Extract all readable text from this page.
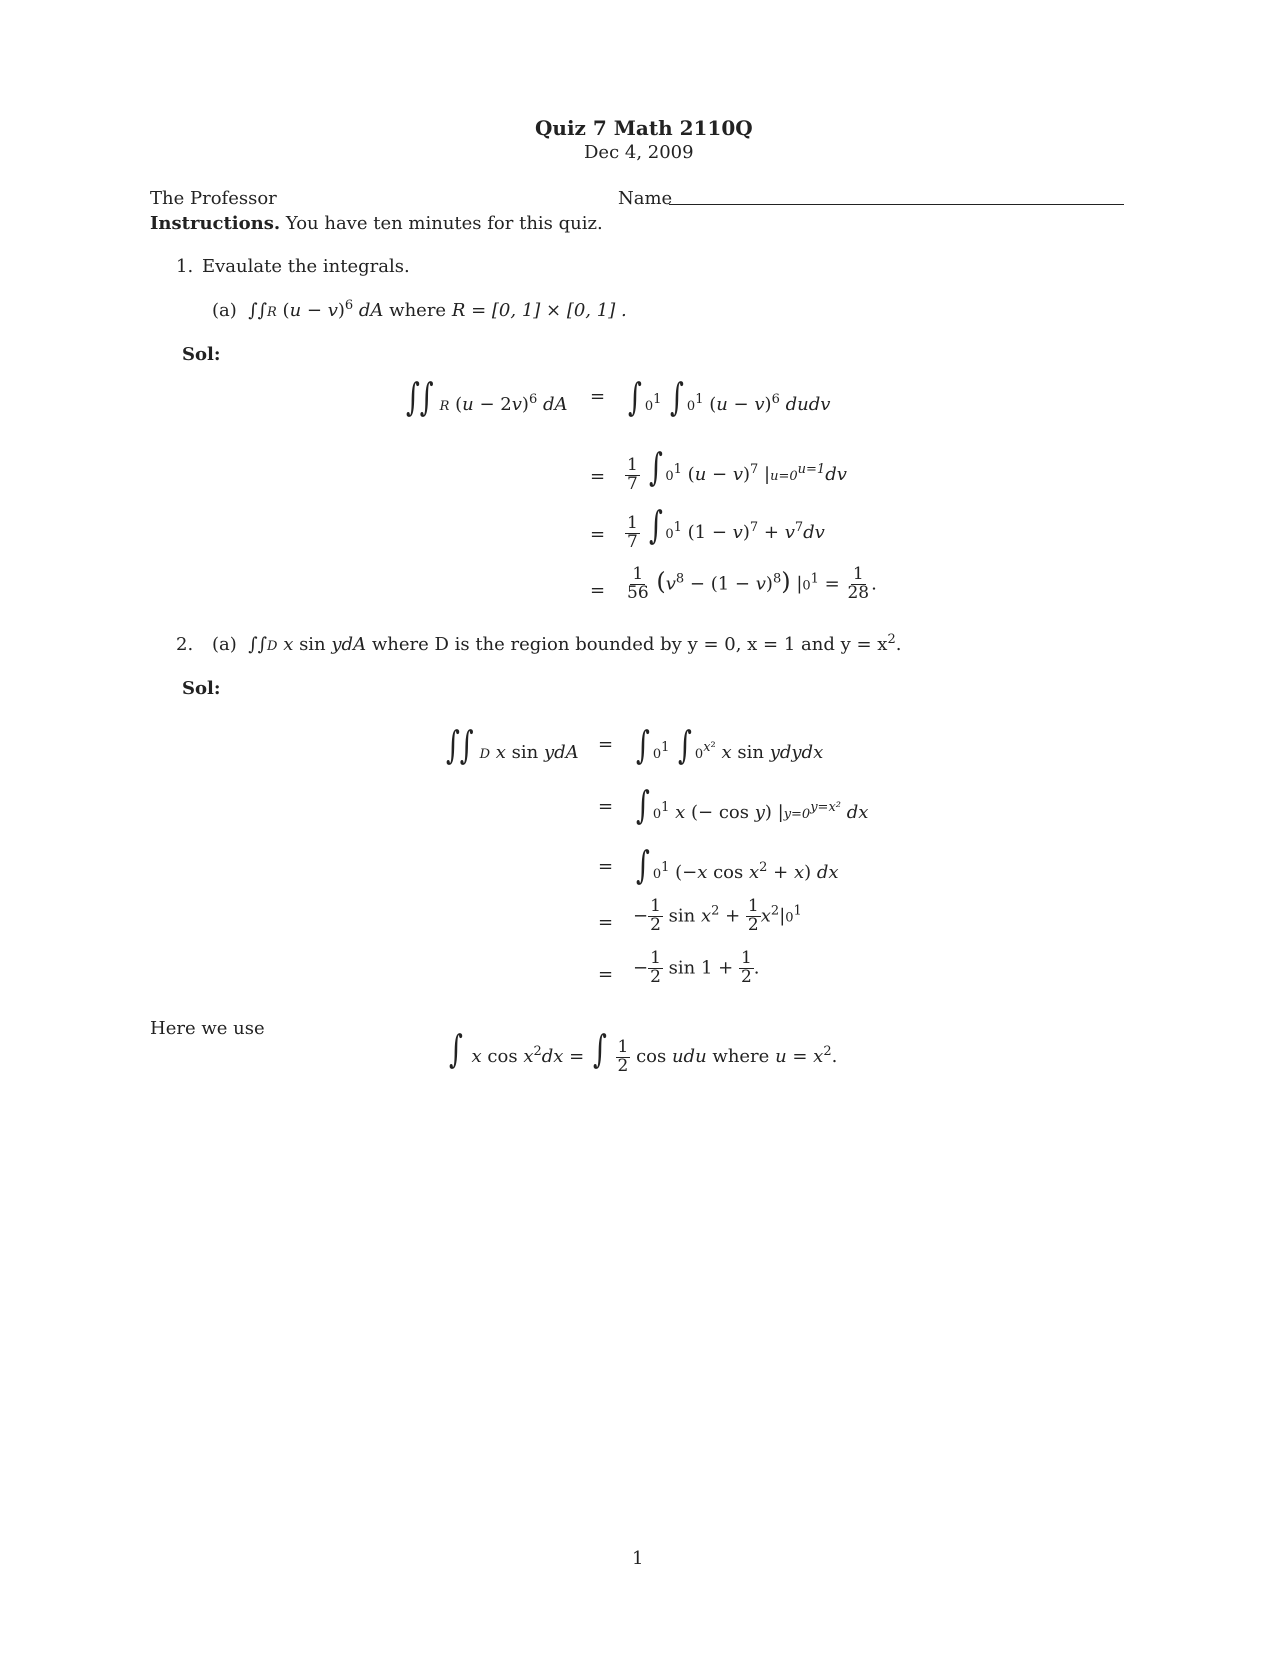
Quiz 7 Math 2110Q
Dec 4, 2009
The Professor	Name
Instructions. You have ten minutes for this quiz.
1. Evaulate the integrals.
(a) ∫∫R $(u - v)^6$ dA where R = [0, 1] × [0, 1] .
Sol:
∫∫ R $(u - 2v)^6$ dA = ∫ $0^1$ ∫ $0^1$ $(u - v)^6$ dudv
= $\frac{1}{7}$ ∫ $0^1$ $(u - v)^7$ $|u=0^{u=1}dv$
= $\frac{1}{7}$ ∫ $0^1$ $(1 - v)^7 + v^7dv$
= $\frac{1}{56} (v^8 - (1 - v)^8) |0^1 = \frac{1}{28}$ .
2. (a) ∫∫D x sin ydA where D is the region bounded by y = 0, x = 1 and $y = x^2$.
Sol:
∫∫ D x sin ydA = ∫ $0^1$ ∫ $0^{x^2}$ x sin ydydx
= ∫ $0^1$ x (− cos y) $|y=0^{y=x^2}$ dx
= ∫ $0^1$ (−x $\cos x^2 + x$) dx
= − $\frac{1}{2}$ $\sin x^2 + \frac{1}{2} x^2|0^1$
= − $\frac{1}{2}$ $\sin 1 + \frac{1}{2}$ .
Here we use	∫ x $\cos x^2dx$ = ∫ $\frac{1}{2}$ cos udu where $u = x^2$.
1
